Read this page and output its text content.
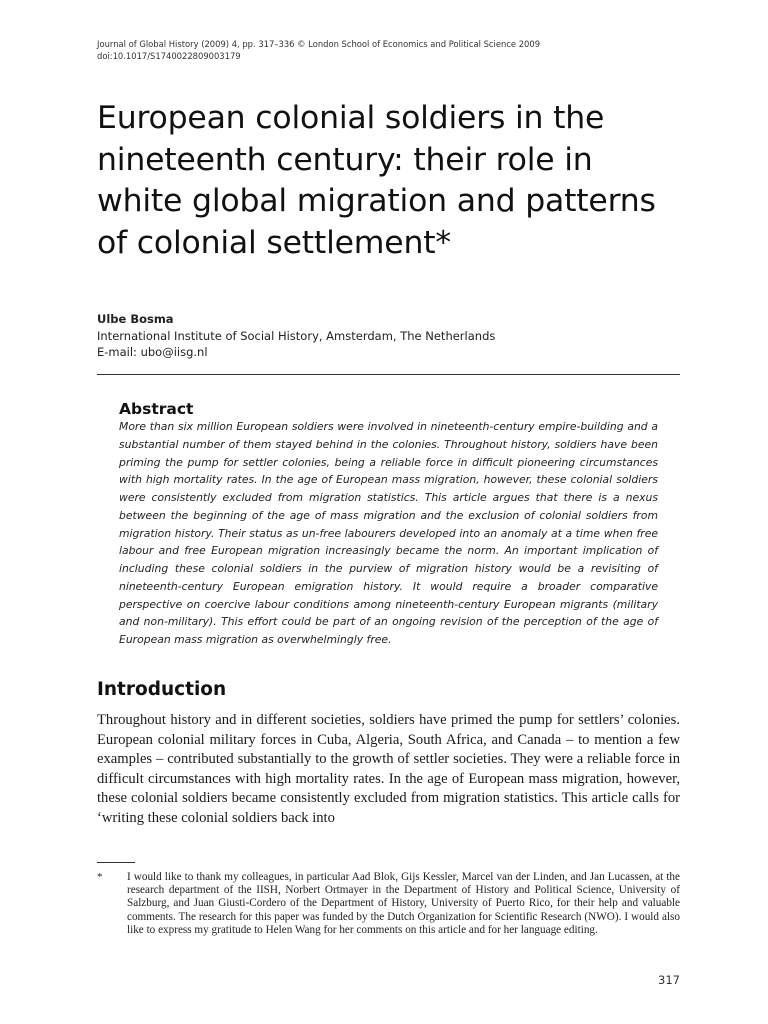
Journal of Global History (2009) 4, pp. 317–336 © London School of Economics and Political Science 2009
doi:10.1017/S1740022809003179
European colonial soldiers in the nineteenth century: their role in white global migration and patterns of colonial settlement*
Ulbe Bosma
International Institute of Social History, Amsterdam, The Netherlands
E-mail: ubo@iisg.nl
Abstract

More than six million European soldiers were involved in nineteenth-century empire-building and a substantial number of them stayed behind in the colonies. Throughout history, soldiers have been priming the pump for settler colonies, being a reliable force in difficult pioneering circumstances with high mortality rates. In the age of European mass migration, however, these colonial soldiers were consistently excluded from migration statistics. This article argues that there is a nexus between the beginning of the age of mass migration and the exclusion of colonial soldiers from migration history. Their status as un-free labourers developed into an anomaly at a time when free labour and free European migration increasingly became the norm. An important implication of including these colonial soldiers in the purview of migration history would be a revisiting of nineteenth-century European emigration history. It would require a broader comparative perspective on coercive labour conditions among nineteenth-century European migrants (military and non-military). This effort could be part of an ongoing revision of the perception of the age of European mass migration as overwhelmingly free.

Introduction

Throughout history and in different societies, soldiers have primed the pump for settlers’ colonies. European colonial military forces in Cuba, Algeria, South Africa, and Canada – to mention a few examples – contributed substantially to the growth of settler societies. They were a reliable force in difficult circumstances with high mortality rates. In the age of European mass migration, however, these colonial soldiers became consistently excluded from migration statistics. This article calls for ‘writing these colonial soldiers back into

*	I would like to thank my colleagues, in particular Aad Blok, Gijs Kessler, Marcel van der Linden, and Jan Lucassen, at the research department of the IISH, Norbert Ortmayer in the Department of History and Political Science, University of Salzburg, and Juan Giusti-Cordero of the Department of History, University of Puerto Rico, for their help and valuable comments. The research for this paper was funded by the Dutch Organization for Scientific Research (NWO). I would also like to express my gratitude to Helen Wang for her comments on this article and for her language editing.

317
